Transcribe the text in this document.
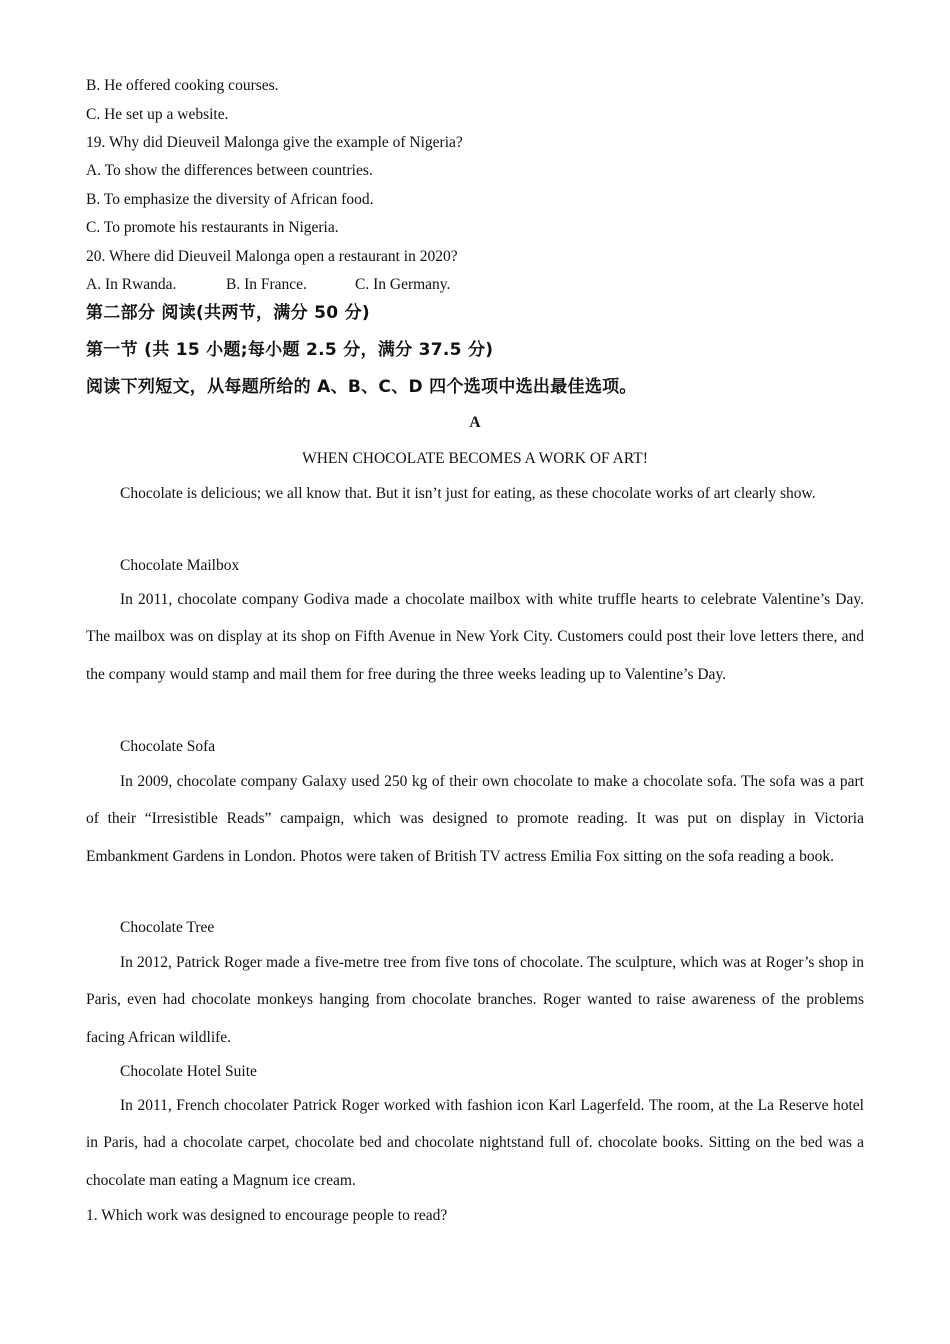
B. He offered cooking courses.
C. He set up a website.
19. Why did Dieuveil Malonga give the example of Nigeria?
A. To show the differences between countries.
B. To emphasize the diversity of African food.
C. To promote his restaurants in Nigeria.
20. Where did Dieuveil Malonga open a restaurant in 2020?
A. In Rwanda.	B. In France.	C. In Germany.
第二部分 阅读(共两节，满分 50 分)
第一节 (共 15 小题;每小题 2.5 分，满分 37.5 分)
阅读下列短文，从每题所给的 A、B、C、D 四个选项中选出最佳选项。
A
WHEN CHOCOLATE BECOMES A WORK OF ART!

Chocolate is delicious; we all know that. But it isn’t just for eating, as these chocolate works of art clearly show.

Chocolate Mailbox

In 2011, chocolate company Godiva made a chocolate mailbox with white truffle hearts to celebrate Valentine’s Day. The mailbox was on display at its shop on Fifth Avenue in New York City. Customers could post their love letters there, and the company would stamp and mail them for free during the three weeks leading up to Valentine’s Day.

Chocolate Sofa

In 2009, chocolate company Galaxy used 250 kg of their own chocolate to make a chocolate sofa. The sofa was a part of their “Irresistible Reads” campaign, which was designed to promote reading. It was put on display in Victoria Embankment Gardens in London. Photos were taken of British TV actress Emilia Fox sitting on the sofa reading a book.

Chocolate Tree

In 2012, Patrick Roger made a five-metre tree from five tons of chocolate. The sculpture, which was at Roger’s shop in Paris, even had chocolate monkeys hanging from chocolate branches. Roger wanted to raise awareness of the problems facing African wildlife.

Chocolate Hotel Suite

In 2011, French chocolater Patrick Roger worked with fashion icon Karl Lagerfeld. The room, at the La Reserve hotel in Paris, had a chocolate carpet, chocolate bed and chocolate nightstand full of. chocolate books. Sitting on the bed was a chocolate man eating a Magnum ice cream.

1. Which work was designed to encourage people to read?
